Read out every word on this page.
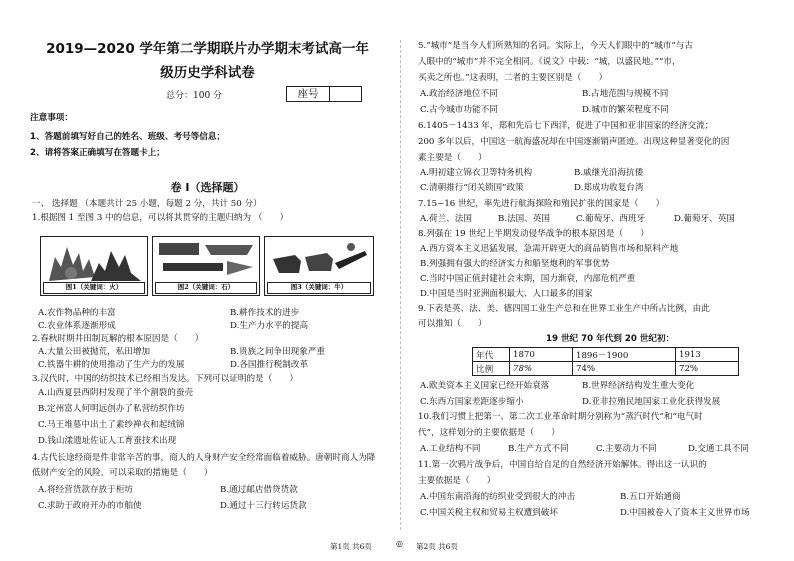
2019—2020 学年第二学期联片办学期末考试高一年
级历史学科试卷
总分：100 分	座号
注意事项：
1、答题前填写好自己的姓名、班级、考号等信息；
2、请将答案正确填写在答题卡上；
卷 I（选择题）
一、 选择题 （本题共计 25 小题，每题 2 分，共计 50 分）
1.根据图 1 至图 3 中的信息，可以将其贯穿的主题归纳为 （　　）
图1（关键词：火）	图2（关键词：石）	图3（关键词：牛）
A.农作物品种的丰富	B.耕作技术的进步
C.农业体系逐渐形成	D.生产力水平的提高
2.春秋时期井田制瓦解的根本原因是（　　）
A.大量公田被抛荒，私田增加	B.贵族之间争田现象严重
C.铁器牛耕的使用推动了生产力的发展	D.各国推行税制改革
3.汉代时，中国的纺织技术已经相当发达。下列可以证明的是（　　）
A.山西夏县西阴村发现了半个割裂的蚕壳
B.定州富人何明远创办了私营纺织作坊
C.马王堆墓中出土了素纱禅衣和起绒锦
D.钱山漾遗址佐证人工育蚕技术出现
4.古代长途经商是件非常辛苦的事，商人的人身财产安全经常面临着威胁。唐朝时商人为降
低财产安全的风险，可以采取的措施是（　　）
A.将经营货款存放于柜坊	B.通过邮店借贷货款
C.求助于政府开办的市舶使	D.通过十三行转运货款
5.“城市”是当今人们所熟知的名词。实际上，今天人们眼中的“城市”与古
人眼中的“城市”并不完全相同。《说文》中载：“城，以盛民地。”“市，
买卖之所也。”这表明，二者的主要区别是（　　）
A.政治经济地位不同	B.占地范围与规模不同
C.古今城市功能不同	D.城市的繁荣程度不同
6.1405－1433 年，郑和先后七下西洋，促进了中国和亚非国家的经济交流；
200 多年以后，中国这一航海盛况却在中国逐渐销声匿迹。出现这种显著变化的因
素主要是（　　）
A.明初建立锦衣卫等特务机构	B.戚继光沿海抗倭
C.清朝推行“闭关锁国”政策	D.郑成功收复台湾
7.15~16 世纪，率先进行航海探险和殖民扩张的国家是（　　）
A.荷兰、法国	B.法国、英国	C.葡萄牙、西班牙	D.葡萄牙、英国
8.列强在 19 世纪上半期发动侵华战争的根本原因是（　　）
A.西方资本主义迅猛发展，急需开辟更大的商品销售市场和原料产地
B.列强拥有强大的经济实力和船坚炮利的军事优势
C.当时中国正值封建社会末期，国力渐衰，内部危机严重
D.中国是当时亚洲面积最大、人口最多的国家
9.下表是英、法、美、德四国工业生产总和在世界工业生产中所占比例，由此
可以推知（　　）
19 世纪 70 年代到 20 世纪初：
年代	1870	1896－1900	1913
比例	78%	74%	72%
A.欧美资本主义国家已经开始衰落	B.世界经济结构发生重大变化
C.东西方国家差距逐步缩小	D.亚非拉殖民地国家工业化获得发展
10.我们习惯上把第一、第二次工业革命时期分别称为“蒸汽时代”和“电气时
代”，这样划分的主要依据是（　　）
A.工业结构不同	B.生产方式不同	C.主要动力不同	D.交通工具不同
11.第一次鸦片战争后，中国自给自足的自然经济开始解体。得出这一认识的
主要依据是（　　）
A.中国东南沿海的纺织业受到很大的冲击	B.五口开始通商
C.中国关税主权和贸易主权遭到破坏	D.中国被卷入了资本主义世界市场
第1页 共6页	◎ 第2页 共6页
